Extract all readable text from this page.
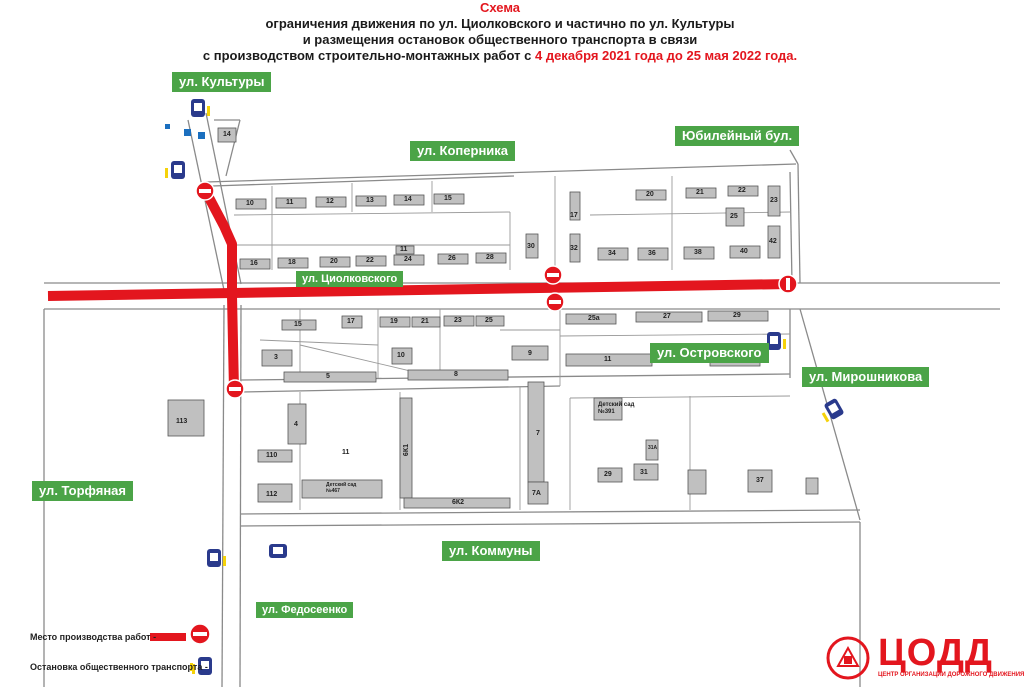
14
10	11	12	13	14	15
16	18	20	22	24	26	28
11	30
17
32
20	21	22
23
25
34	36	38	40
42
15	17	19	21	23	25	25а	27	29
3	10	9
11
5	8
113	4
110	11
112
Детский сад №467
6К1
6К2
7
7А
Детский сад №391
31А
29	31
37
Схема
ограничения движения по ул. Циолковского и частично по ул. Культуры
и размещения остановок общественного транспорта в связи
с производством строительно-монтажных работ с 4 декабря 2021 года до 25 мая 2022 года.
ул. Культуры
ул. Коперника
Юбилейный бул.
ул. Циолковского
ул. Островского
ул. Мирошникова
ул. Торфяная
ул. Коммуны
ул. Федосеенко
Место производства работ -
Остановка общественного транспорта -	ЦОДД
ЦЕНТР ОРГАНИЗАЦИИ ДОРОЖНОГО ДВИЖЕНИЯ
